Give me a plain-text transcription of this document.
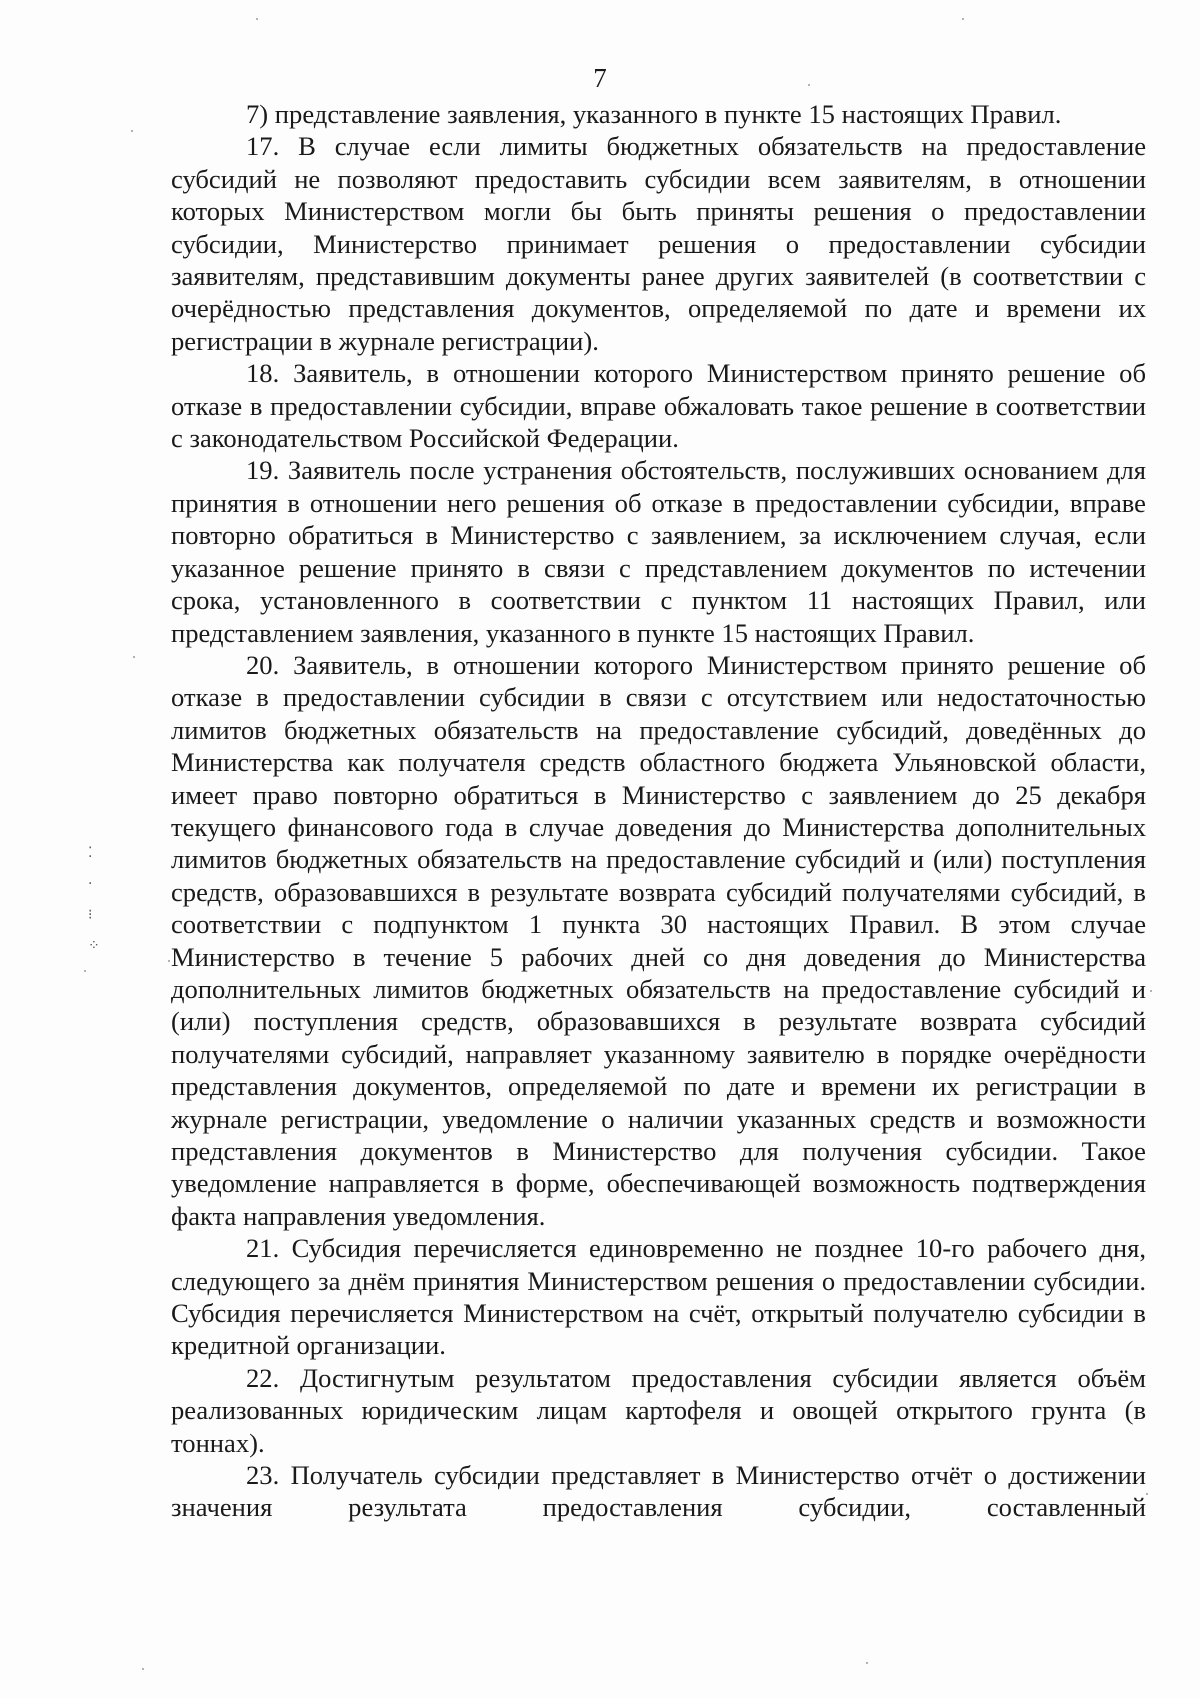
7

7) представление заявления, указанного в пункте 15 настоящих Правил.

17. В случае если лимиты бюджетных обязательств на предоставление субсидий не позволяют предоставить субсидии всем заявителям, в отношении которых Министерством могли бы быть приняты решения о предоставлении субсидии, Министерство принимает решения о предоставлении субсидии заявителям, представившим документы ранее других заявителей (в соответствии с очерёдностью представления документов, определяемой по дате и времени их регистрации в журнале регистрации).

18. Заявитель, в отношении которого Министерством принято решение об отказе в предоставлении субсидии, вправе обжаловать такое решение в соответствии с законодательством Российской Федерации.

19. Заявитель после устранения обстоятельств, послуживших основанием для принятия в отношении него решения об отказе в предоставлении субсидии, вправе повторно обратиться в Министерство с заявлением, за исключением случая, если указанное решение принято в связи с представлением документов по истечении срока, установленного в соответствии с пунктом 11 настоящих Правил, или представлением заявления, указанного в пункте 15 настоящих Правил.

20. Заявитель, в отношении которого Министерством принято решение об отказе в предоставлении субсидии в связи с отсутствием или недостаточностью лимитов бюджетных обязательств на предоставление субсидий, доведённых до Министерства как получателя средств областного бюджета Ульяновской области, имеет право повторно обратиться в Министерство с заявлением до 25 декабря текущего финансового года в случае доведения до Министерства дополнительных лимитов бюджетных обязательств на предоставление субсидий и (или) поступления средств, образовавшихся в результате возврата субсидий получателями субсидий, в соответствии с подпунктом 1 пункта 30 настоящих Правил. В этом случае Министерство в течение 5 рабочих дней со дня доведения до Министерства дополнительных лимитов бюджетных обязательств на предоставление субсидий и (или) поступления средств, образовавшихся в результате возврата субсидий получателями субсидий, направляет указанному заявителю в порядке очерёдности представления документов, определяемой по дате и времени их регистрации в журнале регистрации, уведомление о наличии указанных средств и возможности представления документов в Министерство для получения субсидии. Такое уведомление направляется в форме, обеспечивающей возможность подтверждения факта направления уведомления.

21. Субсидия перечисляется единовременно не позднее 10-го рабочего дня, следующего за днём принятия Министерством решения о предоставлении субсидии. Субсидия перечисляется Министерством на счёт, открытый получателю субсидии в кредитной организации.

22. Достигнутым результатом предоставления субсидии является объём реализованных юридическим лицам картофеля и овощей открытого грунта (в тоннах).

23. Получатель субсидии представляет в Министерство отчёт о достижении значения результата предоставления субсидии, составленный

⁚
·
⁝
⁘
